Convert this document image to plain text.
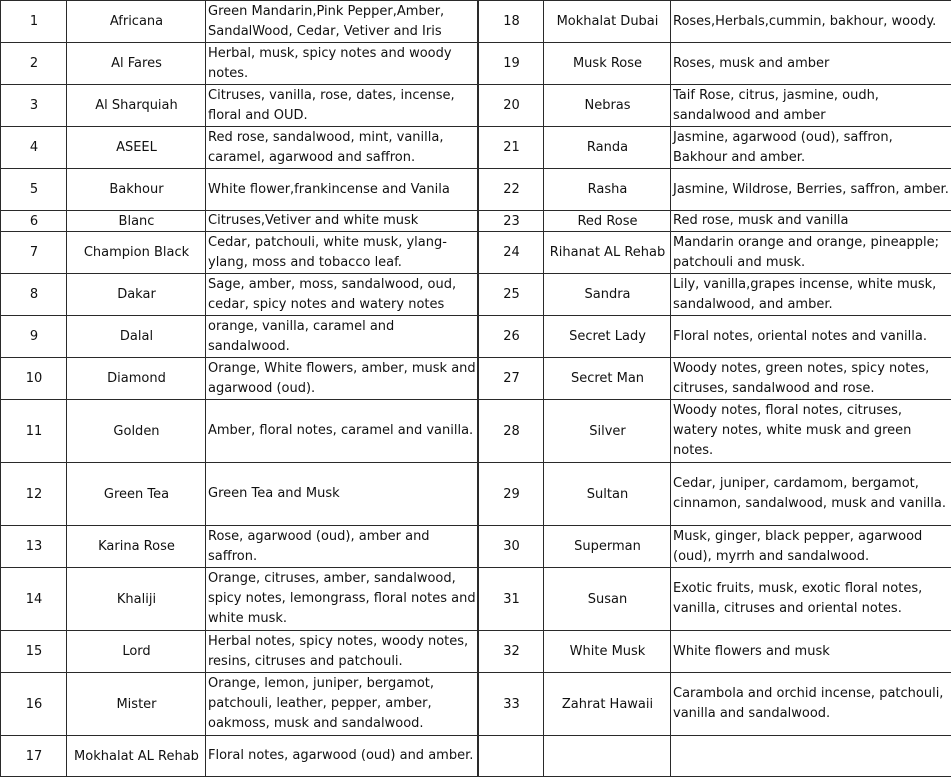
1	Africana	Green Mandarin,Pink Pepper,Amber, SandalWood, Cedar, Vetiver and Iris
2	Al Fares	Herbal, musk, spicy notes and woody notes.
3	Al Sharquiah	Citruses, vanilla, rose, dates, incense, floral and OUD.
4	ASEEL	Red rose, sandalwood, mint, vanilla, caramel, agarwood and saffron.
5	Bakhour	White flower,frankincense and Vanila
6	Blanc	Citruses,Vetiver and white musk
7	Champion Black	Cedar, patchouli, white musk, ylang-ylang, moss and tobacco leaf.
8	Dakar	Sage, amber, moss, sandalwood, oud, cedar, spicy notes and watery notes
9	Dalal	orange, vanilla, caramel and sandalwood.
10	Diamond	Orange, White flowers, amber, musk and agarwood (oud).
11	Golden	Amber, floral notes, caramel and vanilla.
12	Green Tea	Green Tea and Musk
13	Karina Rose	Rose, agarwood (oud), amber and saffron.
14	Khaliji	Orange, citruses, amber, sandalwood, spicy notes, lemongrass, floral notes and white musk.
15	Lord	Herbal notes, spicy notes, woody notes, resins, citruses and patchouli.
16	Mister	Orange, lemon, juniper, bergamot, patchouli, leather, pepper, amber, oakmoss, musk and sandalwood.
17	Mokhalat AL Rehab	Floral notes, agarwood (oud) and amber.
18	Mokhalat Dubai	Roses,Herbals,cummin, bakhour, woody.
19	Musk Rose	Roses, musk and amber
20	Nebras	Taif Rose, citrus, jasmine, oudh, sandalwood and amber
21	Randa	Jasmine, agarwood (oud), saffron, Bakhour and amber.
22	Rasha	Jasmine, Wildrose, Berries, saffron, amber.
23	Red Rose	Red rose, musk and vanilla
24	Rihanat AL Rehab	Mandarin orange and orange, pineapple; patchouli and musk.
25	Sandra	Lily, vanilla,grapes incense, white musk, sandalwood, and amber.
26	Secret Lady	Floral notes, oriental notes and vanilla.
27	Secret Man	Woody notes, green notes, spicy notes, citruses, sandalwood and rose.
28	Silver	Woody notes, floral notes, citruses, watery notes, white musk and green notes.
29	Sultan	Cedar, juniper, cardamom, bergamot, cinnamon, sandalwood, musk and vanilla.
30	Superman	Musk, ginger, black pepper, agarwood (oud), myrrh and sandalwood.
31	Susan	Exotic fruits, musk, exotic floral notes, vanilla, citruses and oriental notes.
32	White Musk	White flowers and musk
33	Zahrat Hawaii	Carambola and orchid incense, patchouli, vanilla and sandalwood.
